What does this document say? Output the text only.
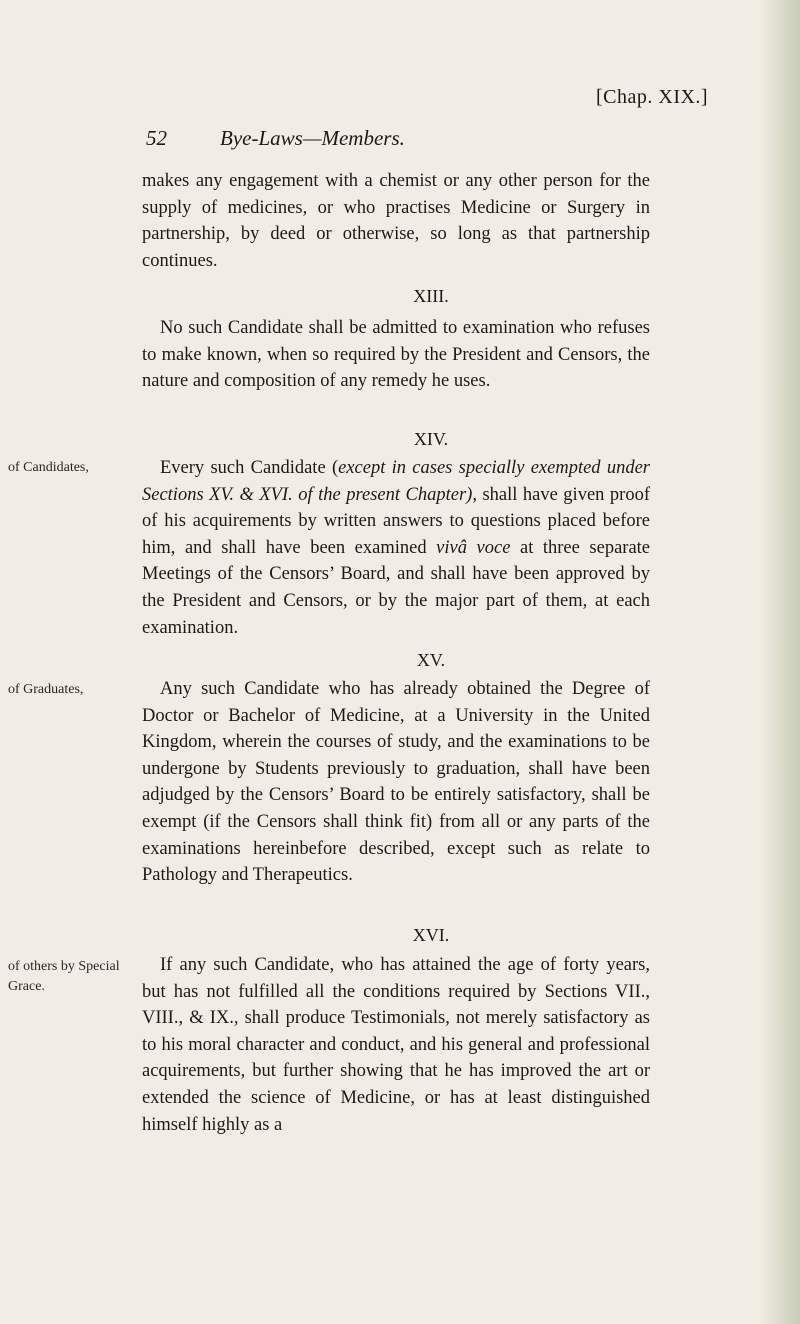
[Chap. XIX.]
52	Bye-Laws—Members.
makes any engagement with a chemist or any other person for the supply of medicines, or who practises Medicine or Surgery in partnership, by deed or otherwise, so long as that partnership continues.
XIII.
No such Candidate shall be admitted to examination who refuses to make known, when so required by the President and Censors, the nature and composition of any remedy he uses.
XIV.
of Candidates,	Every such Candidate (except in cases specially exempted under Sections XV. & XVI. of the present Chapter), shall have given proof of his acquirements by written answers to questions placed before him, and shall have been examined vivâ voce at three separate Meetings of the Censors’ Board, and shall have been approved by the President and Censors, or by the major part of them, at each examination.
XV.
of Graduates,	Any such Candidate who has already obtained the Degree of Doctor or Bachelor of Medicine, at a University in the United Kingdom, wherein the courses of study, and the examinations to be undergone by Students previously to graduation, shall have been adjudged by the Censors’ Board to be entirely satisfactory, shall be exempt (if the Censors shall think fit) from all or any parts of the examinations hereinbefore described, except such as relate to Pathology and Therapeutics.
XVI.
of others by Special Grace.
If any such Candidate, who has attained the age of forty years, but has not fulfilled all the conditions required by Sections VII., VIII., & IX., shall produce Testimonials, not merely satisfactory as to his moral character and conduct, and his general and professional acquirements, but further showing that he has improved the art or extended the science of Medicine, or has at least distinguished himself highly as a
